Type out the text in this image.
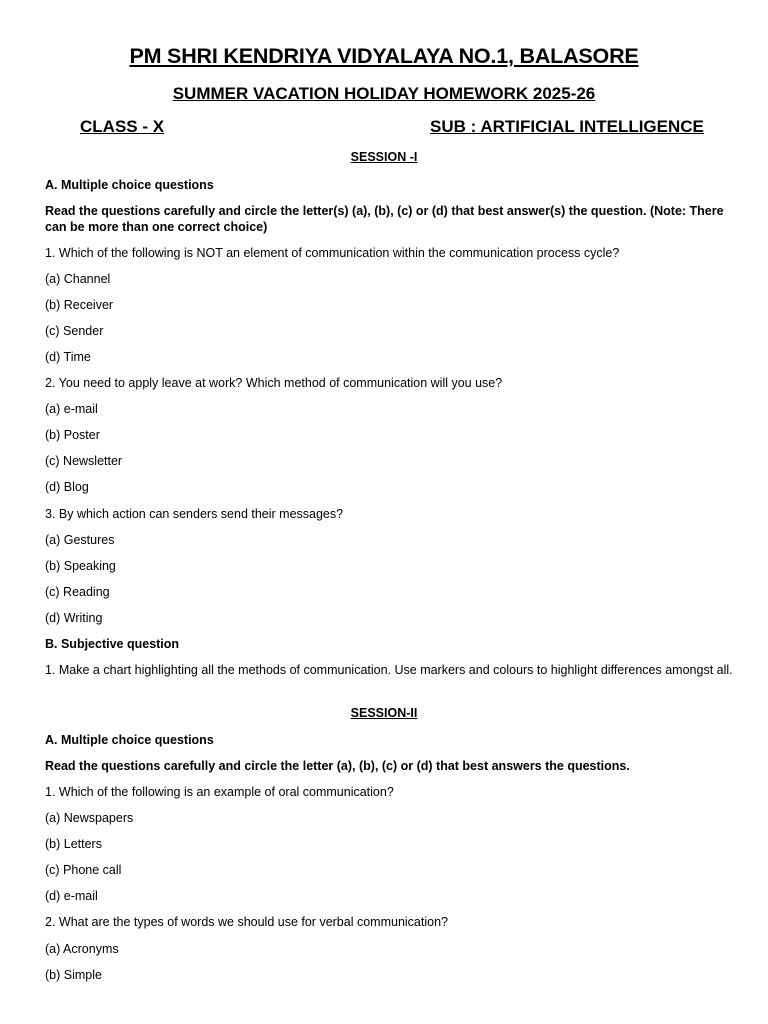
PM SHRI KENDRIYA VIDYALAYA NO.1, BALASORE
SUMMER VACATION HOLIDAY HOMEWORK 2025-26
CLASS - X	SUB : ARTIFICIAL INTELLIGENCE
SESSION -I
A. Multiple choice questions
Read the questions carefully and circle the letter(s) (a), (b), (c) or (d) that best answer(s) the question. (Note: There can be more than one correct choice)
1. Which of the following is NOT an element of communication within the communication process cycle?
(a) Channel
(b) Receiver
(c) Sender
(d) Time
2. You need to apply leave at work? Which method of communication will you use?
(a) e-mail
(b) Poster
(c) Newsletter
(d) Blog
3. By which action can senders send their messages?
(a) Gestures
(b) Speaking
(c) Reading
(d) Writing
B. Subjective question
1. Make a chart highlighting all the methods of communication. Use markers and colours to highlight differences amongst all.
SESSION-II
A. Multiple choice questions
Read the questions carefully and circle the letter (a), (b), (c) or (d) that best answers the questions.
1. Which of the following is an example of oral communication?
(a) Newspapers
(b) Letters
(c) Phone call
(d) e-mail
2. What are the types of words we should use for verbal communication?
(a) Acronyms
(b) Simple
